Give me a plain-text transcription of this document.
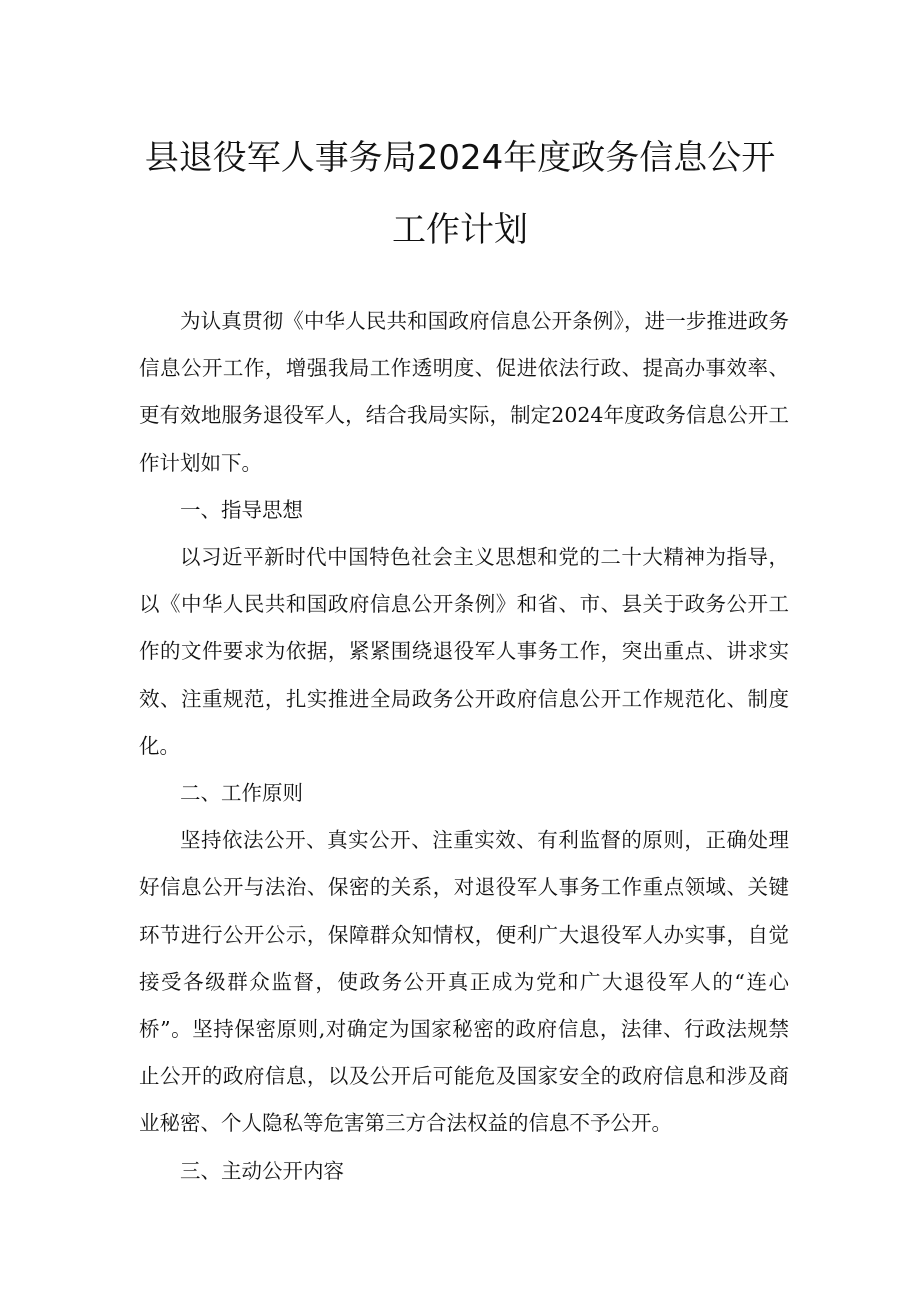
县退役军人事务局2024年度政务信息公开
工作计划

为认真贯彻《中华人民共和国政府信息公开条例》，进一步推进政务信息公开工作，增强我局工作透明度、促进依法行政、提高办事效率、更有效地服务退役军人，结合我局实际，制定2024年度政务信息公开工作计划如下。

一、指导思想

以习近平新时代中国特色社会主义思想和党的二十大精神为指导，以《中华人民共和国政府信息公开条例》和省、市、县关于政务公开工作的文件要求为依据，紧紧围绕退役军人事务工作，突出重点、讲求实效、注重规范，扎实推进全局政务公开政府信息公开工作规范化、制度化。

二、工作原则

坚持依法公开、真实公开、注重实效、有利监督的原则，正确处理好信息公开与法治、保密的关系，对退役军人事务工作重点领域、关键环节进行公开公示，保障群众知情权，便利广大退役军人办实事，自觉接受各级群众监督，使政务公开真正成为党和广大退役军人的“连心桥”。坚持保密原则,对确定为国家秘密的政府信息，法律、行政法规禁止公开的政府信息，以及公开后可能危及国家安全的政府信息和涉及商业秘密、个人隐私等危害第三方合法权益的信息不予公开。

三、主动公开内容
